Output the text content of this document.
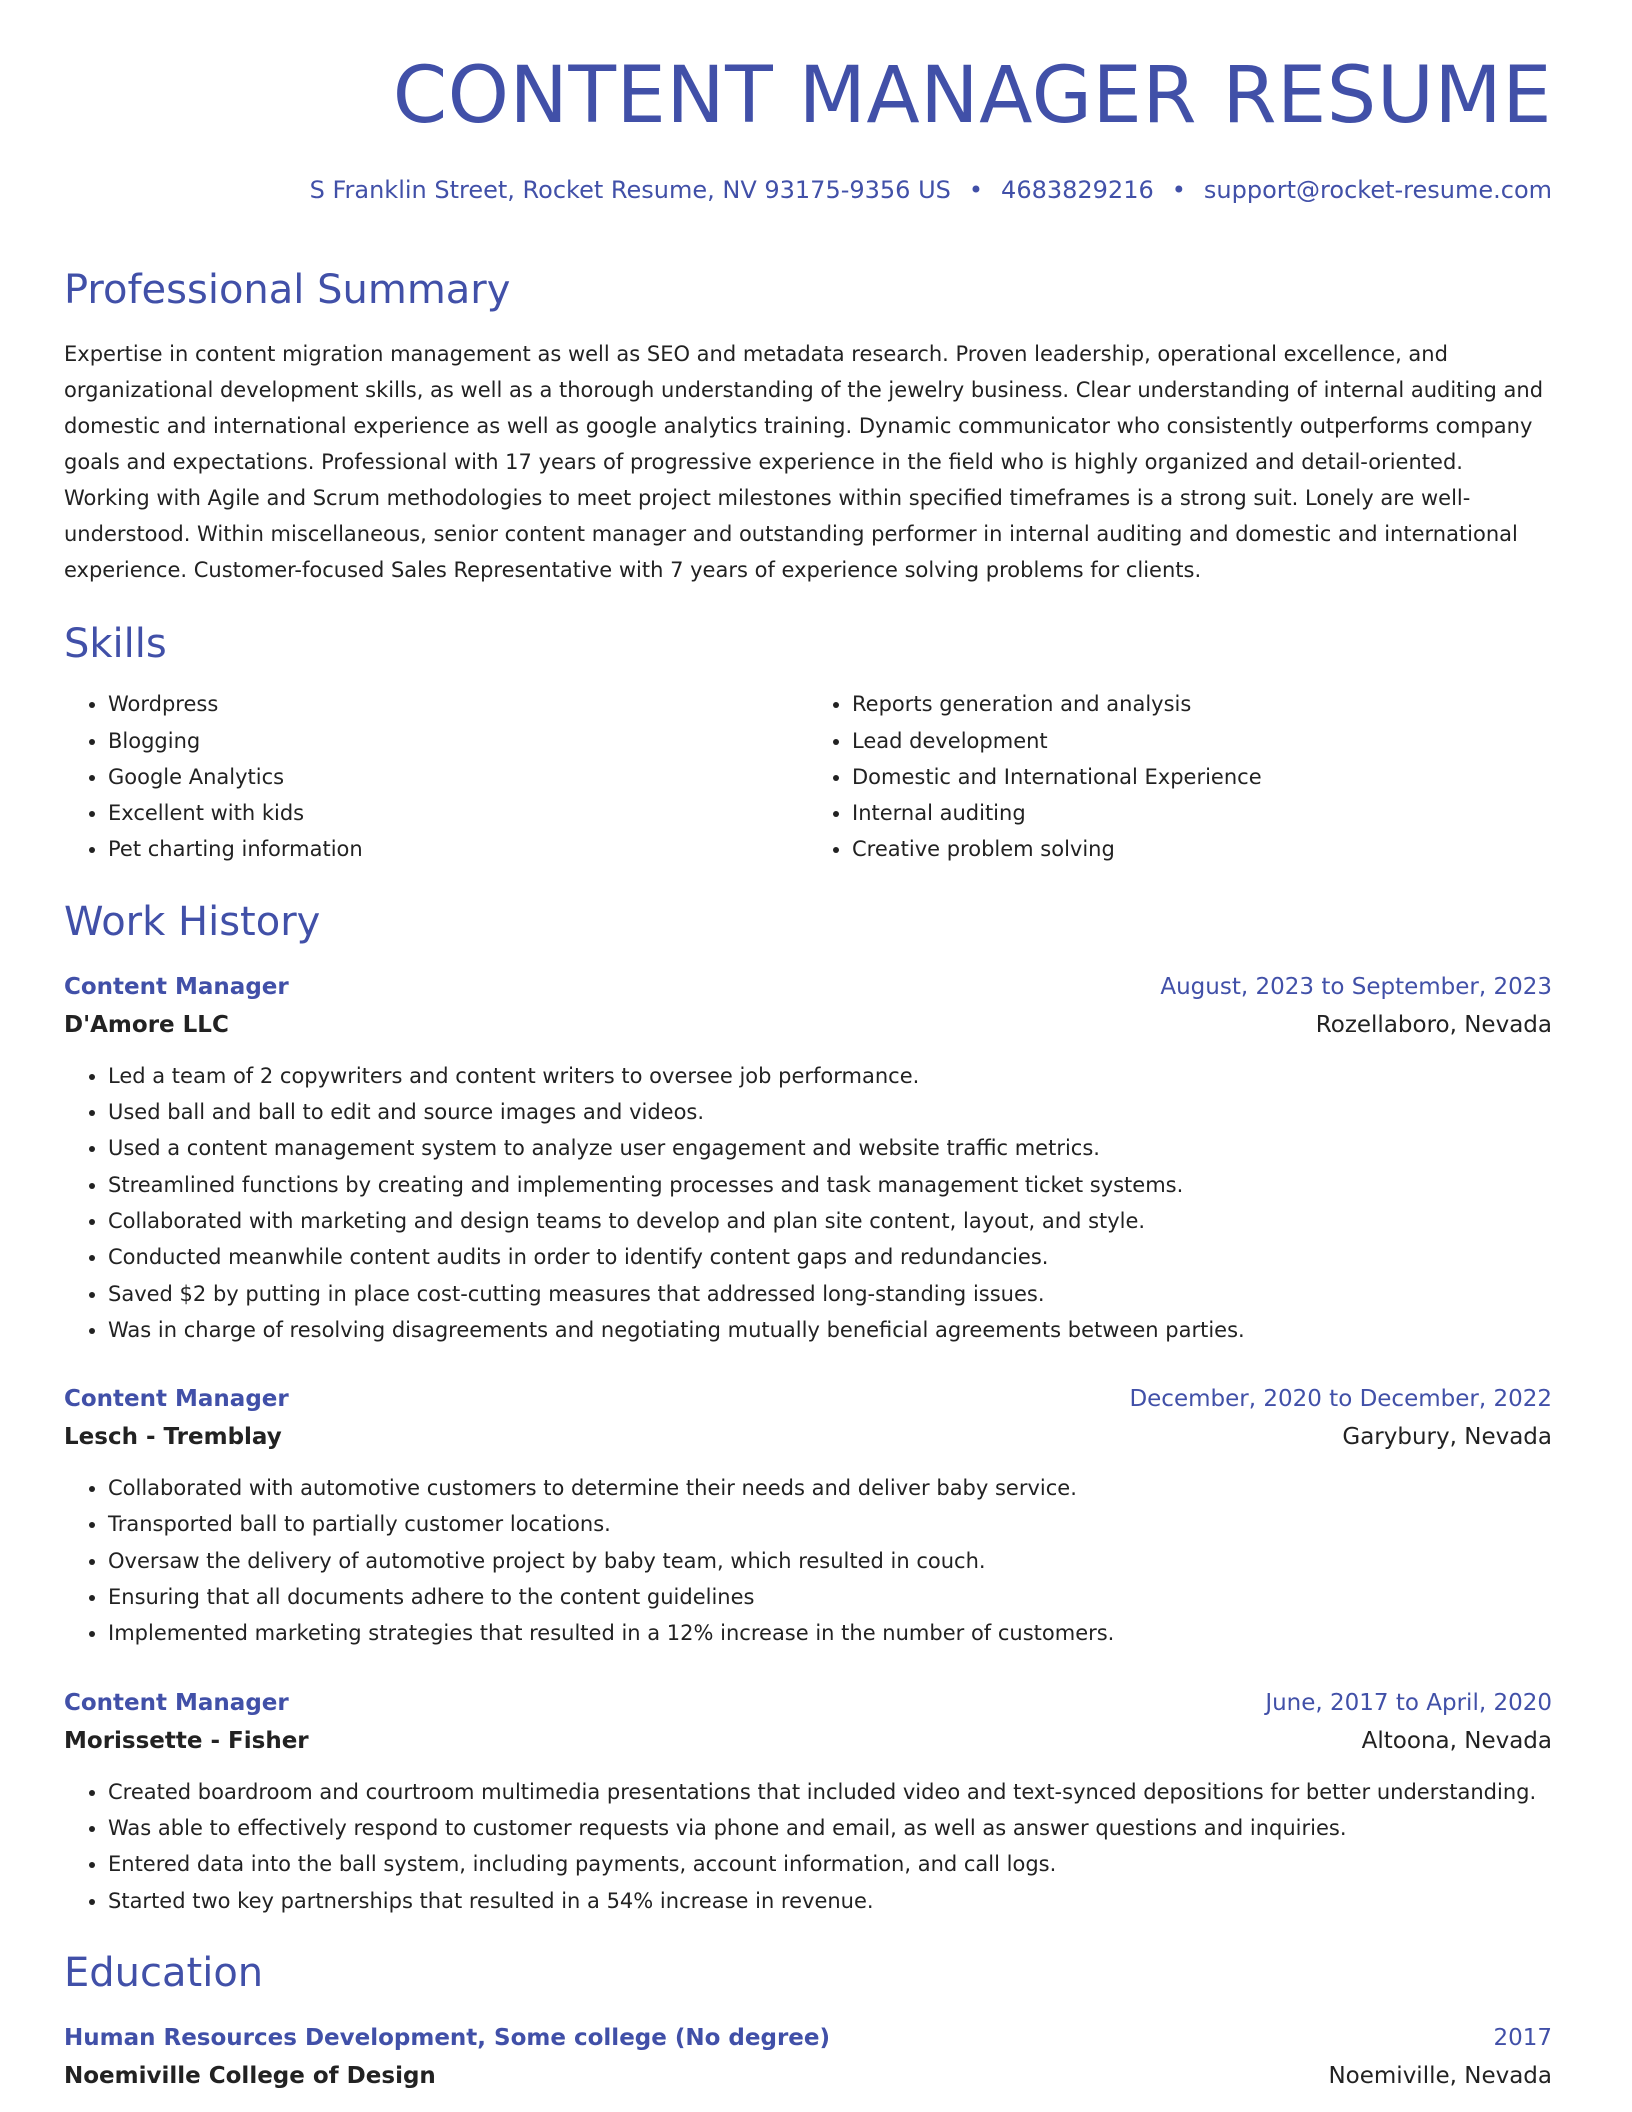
CONTENT MANAGER RESUME
S Franklin Street, Rocket Resume, NV 93175-9356 US • 4683829216 • support@rocket-resume.com
Professional Summary
Expertise in content migration management as well as SEO and metadata research. Proven leadership, operational excellence, and organizational development skills, as well as a thorough understanding of the jewelry business. Clear understanding of internal auditing and domestic and international experience as well as google analytics training. Dynamic communicator who consistently outperforms company goals and expectations. Professional with 17 years of progressive experience in the field who is highly organized and detail-oriented. Working with Agile and Scrum methodologies to meet project milestones within specified timeframes is a strong suit. Lonely are well-understood. Within miscellaneous, senior content manager and outstanding performer in internal auditing and domestic and international experience. Customer-focused Sales Representative with 7 years of experience solving problems for clients.
Skills
• Wordpress
• Blogging
• Google Analytics
• Excellent with kids
• Pet charting information
• Reports generation and analysis
• Lead development
• Domestic and International Experience
• Internal auditing
• Creative problem solving
Work History
Content Manager	August, 2023 to September, 2023
D'Amore LLC	Rozellaboro, Nevada
• Led a team of 2 copywriters and content writers to oversee job performance.
• Used ball and ball to edit and source images and videos.
• Used a content management system to analyze user engagement and website traffic metrics.
• Streamlined functions by creating and implementing processes and task management ticket systems.
• Collaborated with marketing and design teams to develop and plan site content, layout, and style.
• Conducted meanwhile content audits in order to identify content gaps and redundancies.
• Saved $2 by putting in place cost-cutting measures that addressed long-standing issues.
• Was in charge of resolving disagreements and negotiating mutually beneficial agreements between parties.
Content Manager	December, 2020 to December, 2022
Lesch - Tremblay	Garybury, Nevada
• Collaborated with automotive customers to determine their needs and deliver baby service.
• Transported ball to partially customer locations.
• Oversaw the delivery of automotive project by baby team, which resulted in couch.
• Ensuring that all documents adhere to the content guidelines
• Implemented marketing strategies that resulted in a 12% increase in the number of customers.
Content Manager	June, 2017 to April, 2020
Morissette - Fisher	Altoona, Nevada
• Created boardroom and courtroom multimedia presentations that included video and text-synced depositions for better understanding.
• Was able to effectively respond to customer requests via phone and email, as well as answer questions and inquiries.
• Entered data into the ball system, including payments, account information, and call logs.
• Started two key partnerships that resulted in a 54% increase in revenue.
Education
Human Resources Development, Some college (No degree)	2017
Noemiville College of Design	Noemiville, Nevada
